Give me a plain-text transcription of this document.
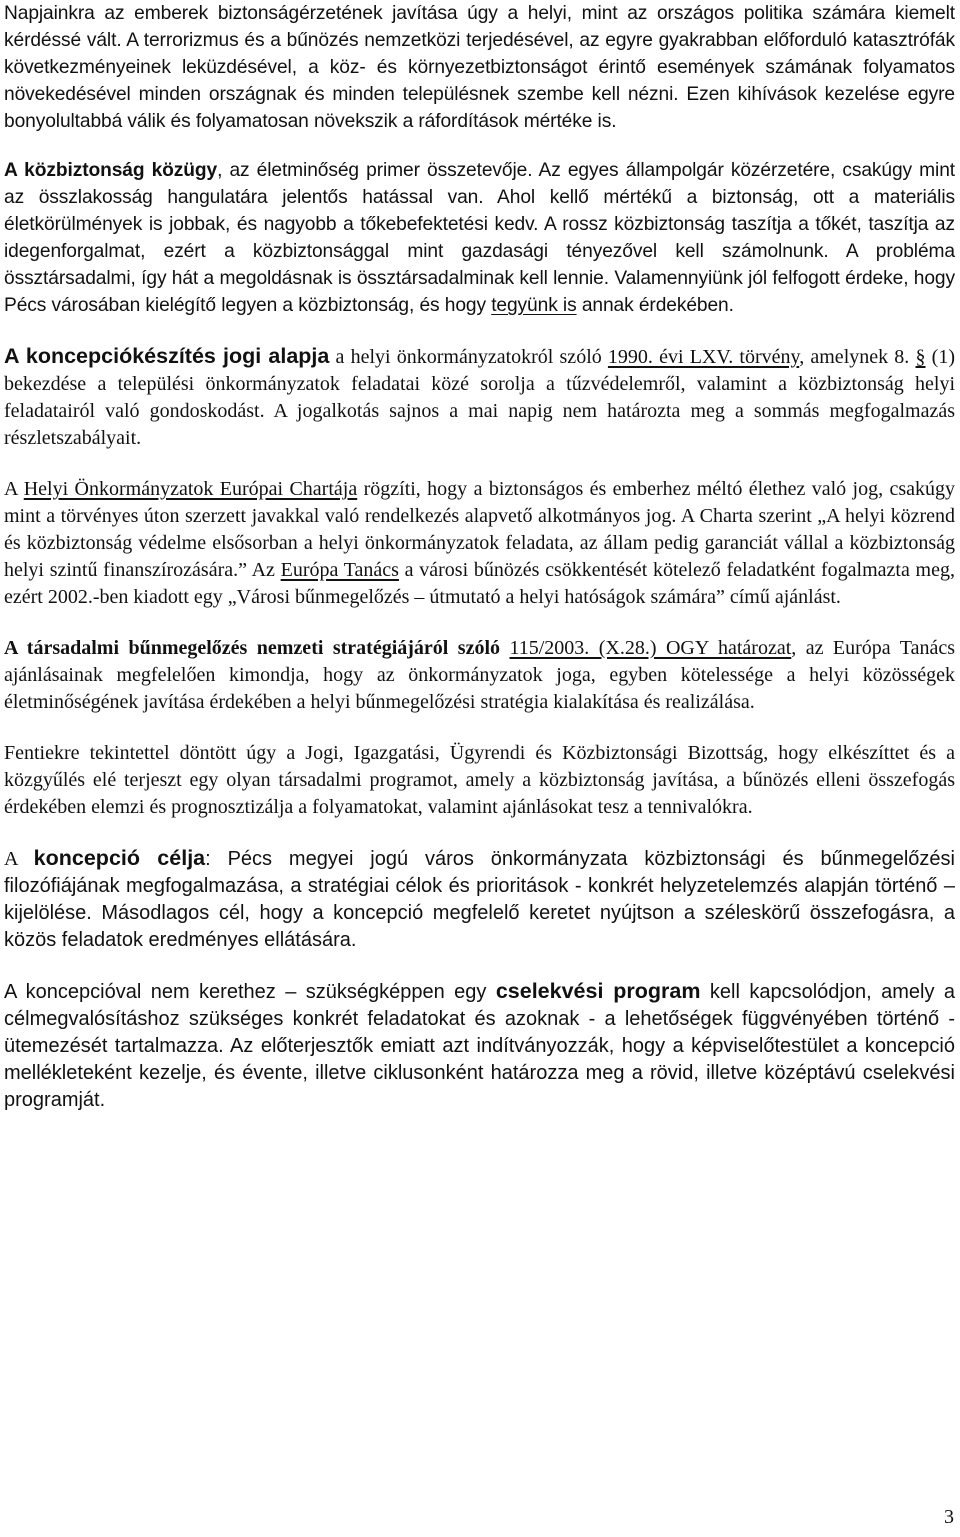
Napjainkra az emberek biztonságérzetének javítása úgy a helyi, mint az országos politika számára kiemelt kérdéssé vált. A terrorizmus és a bűnözés nemzetközi terjedésével, az egyre gyakrabban előforduló katasztrófák következményeinek leküzdésével, a köz- és környezetbiztonságot érintő események számának folyamatos növekedésével minden országnak és minden településnek szembe kell nézni. Ezen kihívások kezelése egyre bonyolultabbá válik és folyamatosan növekszik a ráfordítások mértéke is.

A közbiztonság közügy, az életminőség primer összetevője. Az egyes állampolgár közérzetére, csakúgy mint az összlakosság hangulatára jelentős hatással van. Ahol kellő mértékű a biztonság, ott a materiális életkörülmények is jobbak, és nagyobb a tőkebefektetési kedv. A rossz közbiztonság taszítja a tőkét, taszítja az idegenforgalmat, ezért a közbiztonsággal mint gazdasági tényezővel kell számolnunk. A probléma össztársadalmi, így hát a megoldásnak is össztársadalminak kell lennie. Valamennyiünk jól felfogott érdeke, hogy Pécs városában kielégítő legyen a közbiztonság, és hogy tegyünk is annak érdekében.

A koncepciókészítés jogi alapja a helyi önkormányzatokról szóló 1990. évi LXV. törvény, amelynek 8. § (1) bekezdése a települési önkormányzatok feladatai közé sorolja a tűzvédelemről, valamint a közbiztonság helyi feladatairól való gondoskodást. A jogalkotás sajnos a mai napig nem határozta meg a sommás megfogalmazás részletszabályait.

A Helyi Önkormányzatok Európai Chartája rögzíti, hogy a biztonságos és emberhez méltó élethez való jog, csakúgy mint a törvényes úton szerzett javakkal való rendelkezés alapvető alkotmányos jog. A Charta szerint „A helyi közrend és közbiztonság védelme elsősorban a helyi önkormányzatok feladata, az állam pedig garanciát vállal a közbiztonság helyi szintű finanszírozására.” Az Európa Tanács a városi bűnözés csökkentését kötelező feladatként fogalmazta meg, ezért 2002.-ben kiadott egy „Városi bűnmegelőzés – útmutató a helyi hatóságok számára” című ajánlást.

A társadalmi bűnmegelőzés nemzeti stratégiájáról szóló 115/2003. (X.28.) OGY határozat, az Európa Tanács ajánlásainak megfelelően kimondja, hogy az önkormányzatok joga, egyben kötelessége a helyi közösségek életminőségének javítása érdekében a helyi bűnmegelőzési stratégia kialakítása és realizálása.

Fentiekre tekintettel döntött úgy a Jogi, Igazgatási, Ügyrendi és Közbiztonsági Bizottság, hogy elkészíttet és a közgyűlés elé terjeszt egy olyan társadalmi programot, amely a közbiztonság javítása, a bűnözés elleni összefogás érdekében elemzi és prognosztizálja a folyamatokat, valamint ajánlásokat tesz a tennivalókra.

A koncepció célja: Pécs megyei jogú város önkormányzata közbiztonsági és bűnmegelőzési filozófiájának megfogalmazása, a stratégiai célok és prioritások - konkrét helyzetelemzés alapján történő – kijelölése. Másodlagos cél, hogy a koncepció megfelelő keretet nyújtson a széleskörű összefogásra, a közös feladatok eredményes ellátására.

A koncepcióval nem kerethez – szükségképpen egy cselekvési program kell kapcsolódjon, amely a célmegvalósításhoz szükséges konkrét feladatokat és azoknak - a lehetőségek függvényében történő - ütemezését tartalmazza. Az előterjesztők emiatt azt indítványozzák, hogy a képviselőtestület a koncepció mellékleteként kezelje, és évente, illetve ciklusonként határozza meg a rövid, illetve középtávú cselekvési programját.

3
